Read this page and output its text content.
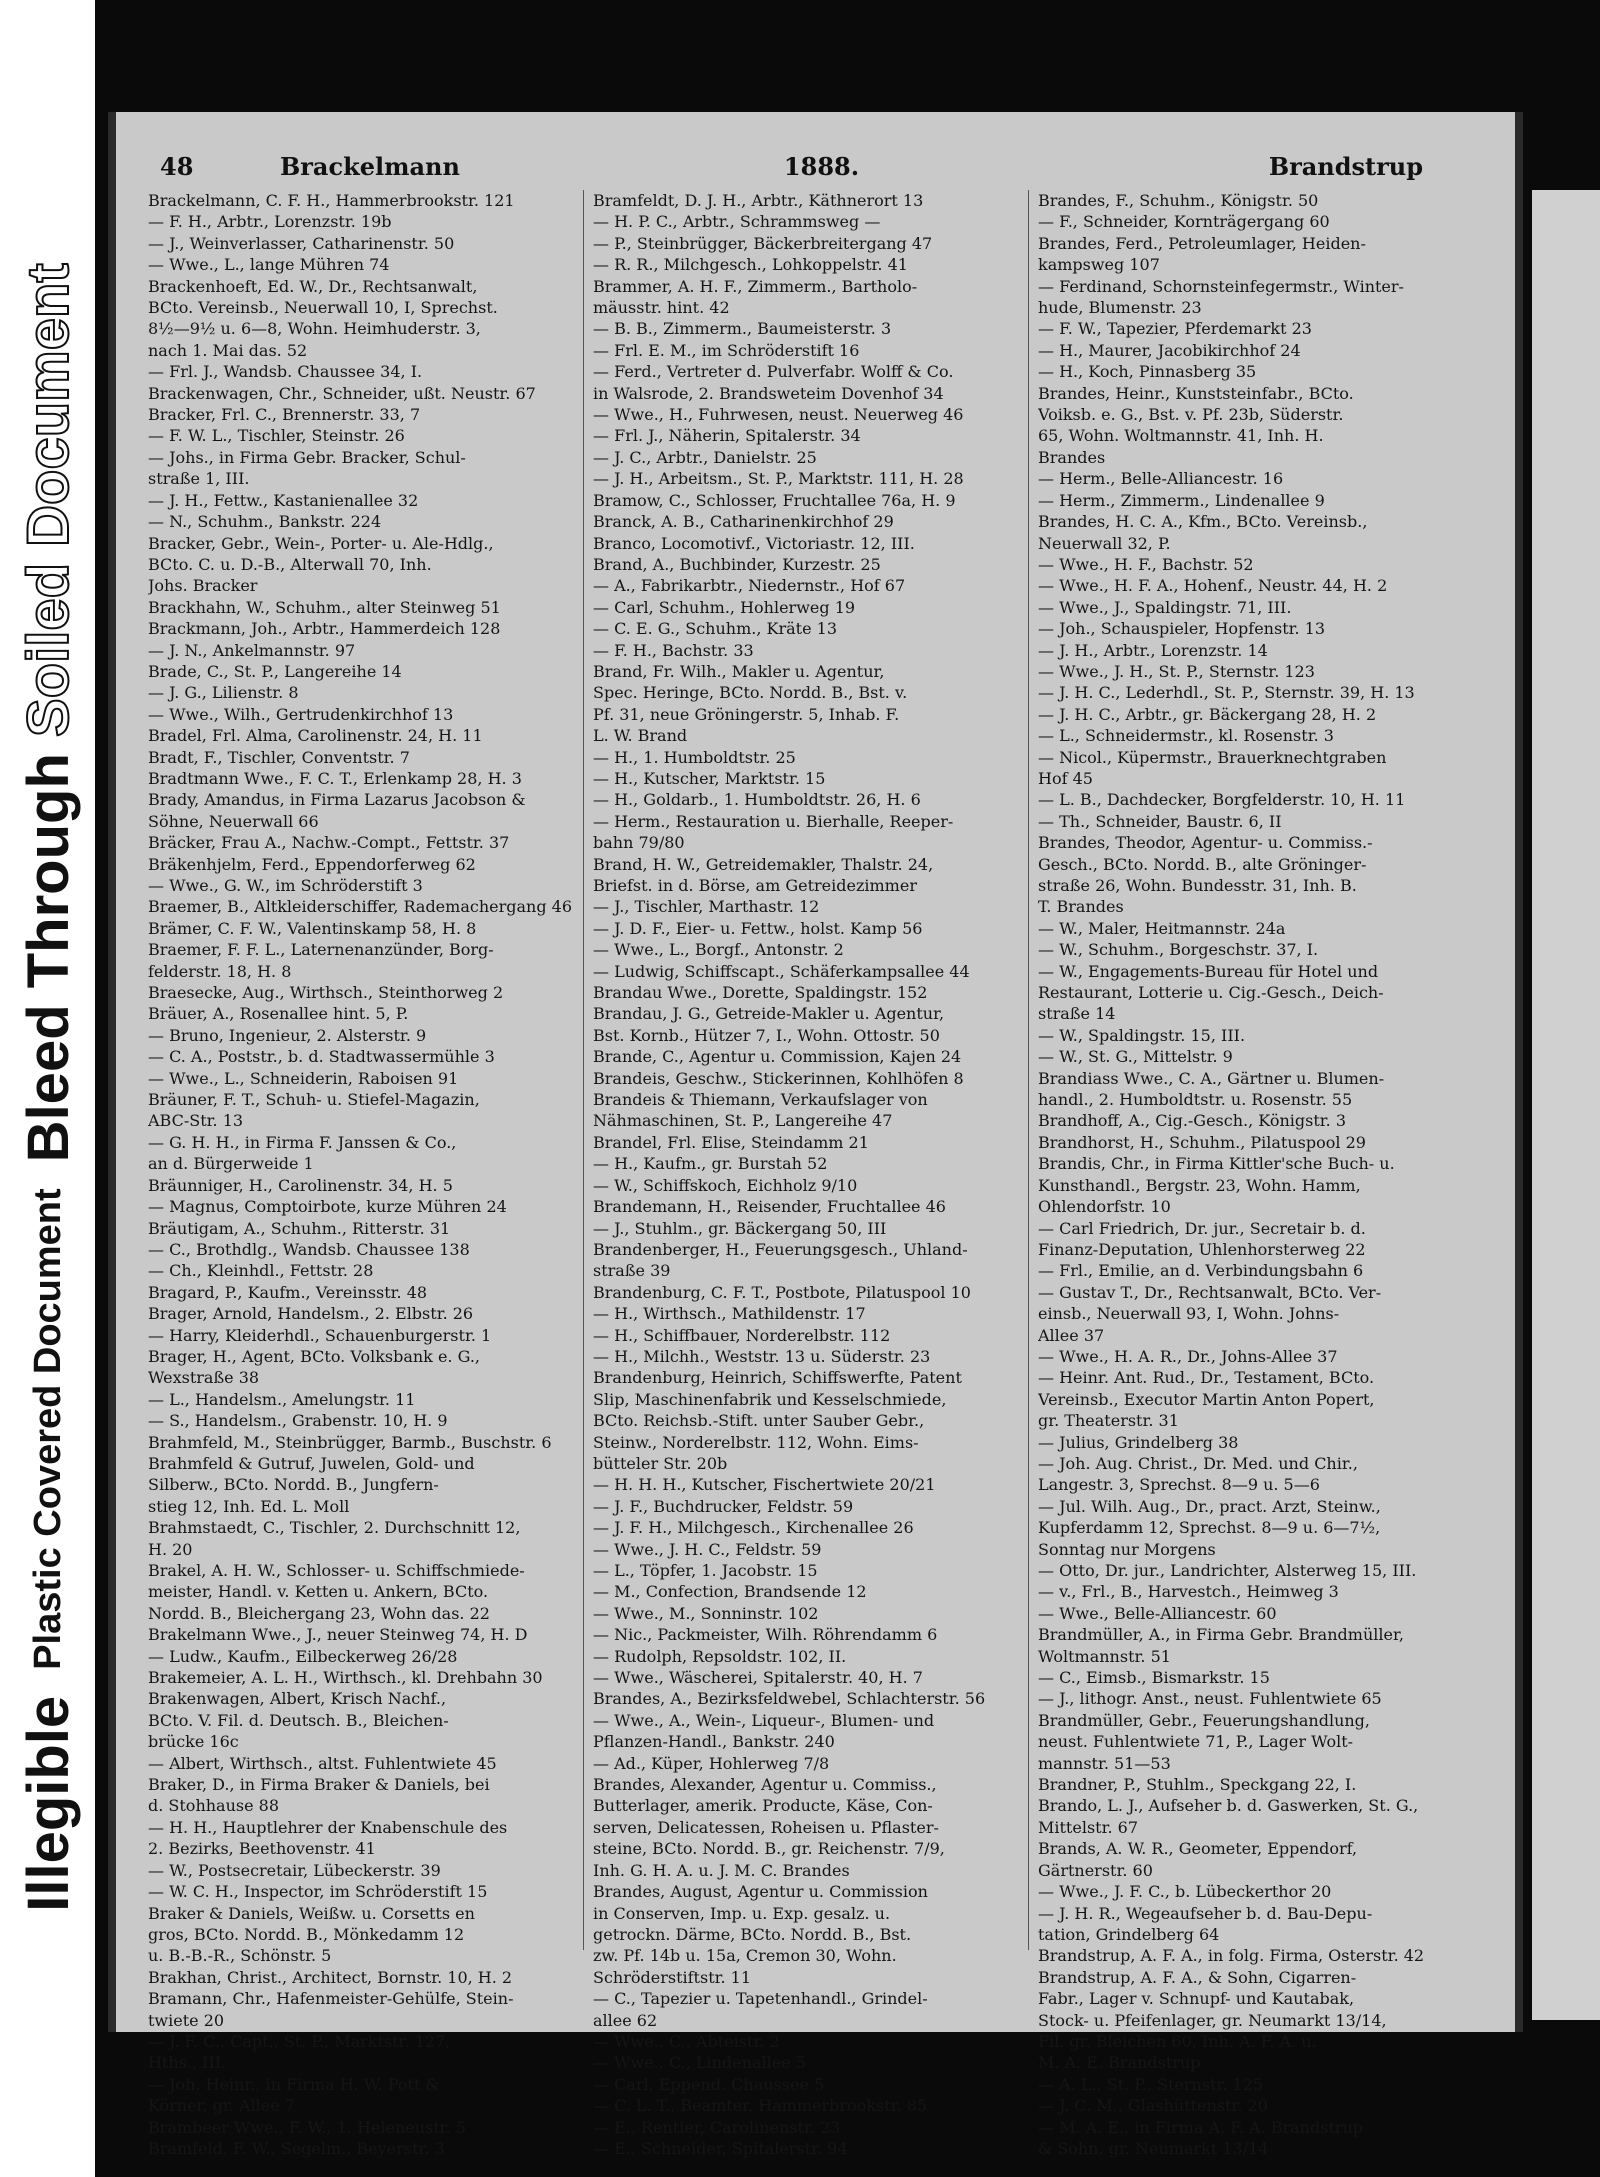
Illegible
Plastic Covered Document
Bleed Through Soiled Document
48	Brackelmann	1888.	Brandstrup
Brackelmann, C. F. H., Hammerbrookstr. 121
— F. H., Arbtr., Lorenzstr. 19b
— J., Weinverlasser, Catharinenstr. 50
— Wwe., L., lange Mühren 74
Brackenhoeft, Ed. W., Dr., Rechtsanwalt,
BCto. Vereinsb., Neuerwall 10, I, Sprechst.
8½—9½ u. 6—8, Wohn. Heimhuderstr. 3,
nach 1. Mai das. 52
— Frl. J., Wandsb. Chaussee 34, I.
Brackenwagen, Chr., Schneider, ußt. Neustr. 67
Bracker, Frl. C., Brennerstr. 33, 7
— F. W. L., Tischler, Steinstr. 26
— Johs., in Firma Gebr. Bracker, Schul-
straße 1, III.
— J. H., Fettw., Kastanienallee 32
— N., Schuhm., Bankstr. 224
Bracker, Gebr., Wein-, Porter- u. Ale-Hdlg.,
BCto. C. u. D.-B., Alterwall 70, Inh.
Johs. Bracker
Brackhahn, W., Schuhm., alter Steinweg 51
Brackmann, Joh., Arbtr., Hammerdeich 128
— J. N., Ankelmannstr. 97
Brade, C., St. P., Langereihe 14
— J. G., Lilienstr. 8
— Wwe., Wilh., Gertrudenkirchhof 13
Bradel, Frl. Alma, Carolinenstr. 24, H. 11
Bradt, F., Tischler, Conventstr. 7
Bradtmann Wwe., F. C. T., Erlenkamp 28, H. 3
Brady, Amandus, in Firma Lazarus Jacobson &
Söhne, Neuerwall 66
Bräcker, Frau A., Nachw.-Compt., Fettstr. 37
Bräkenhjelm, Ferd., Eppendorferweg 62
— Wwe., G. W., im Schröderstift 3
Braemer, B., Altkleiderschiffer, Rademachergang 46
Brämer, C. F. W., Valentinskamp 58, H. 8
Braemer, F. F. L., Laternenanzünder, Borg-
felderstr. 18, H. 8
Braesecke, Aug., Wirthsch., Steinthorweg 2
Bräuer, A., Rosenallee hint. 5, P.
— Bruno, Ingenieur, 2. Alsterstr. 9
— C. A., Poststr., b. d. Stadtwassermühle 3
— Wwe., L., Schneiderin, Raboisen 91
Bräuner, F. T., Schuh- u. Stiefel-Magazin,
ABC-Str. 13
— G. H. H., in Firma F. Janssen & Co.,
an d. Bürgerweide 1
Bräunniger, H., Carolinenstr. 34, H. 5
— Magnus, Comptoirbote, kurze Mühren 24
Bräutigam, A., Schuhm., Ritterstr. 31
— C., Brothdlg., Wandsb. Chaussee 138
— Ch., Kleinhdl., Fettstr. 28
Bragard, P., Kaufm., Vereinsstr. 48
Brager, Arnold, Handelsm., 2. Elbstr. 26
— Harry, Kleiderhdl., Schauenburgerstr. 1
Brager, H., Agent, BCto. Volksbank e. G.,
Wexstraße 38
— L., Handelsm., Amelungstr. 11
— S., Handelsm., Grabenstr. 10, H. 9
Brahmfeld, M., Steinbrügger, Barmb., Buschstr. 6
Brahmfeld & Gutruf, Juwelen, Gold- und
Silberw., BCto. Nordd. B., Jungfern-
stieg 12, Inh. Ed. L. Moll
Brahmstaedt, C., Tischler, 2. Durchschnitt 12,
H. 20
Brakel, A. H. W., Schlosser- u. Schiffschmiede-
meister, Handl. v. Ketten u. Ankern, BCto.
Nordd. B., Bleichergang 23, Wohn das. 22
Brakelmann Wwe., J., neuer Steinweg 74, H. D
— Ludw., Kaufm., Eilbeckerweg 26/28
Brakemeier, A. L. H., Wirthsch., kl. Drehbahn 30
Brakenwagen, Albert, Krisch Nachf.,
BCto. V. Fil. d. Deutsch. B., Bleichen-
brücke 16c
— Albert, Wirthsch., altst. Fuhlentwiete 45
Braker, D., in Firma Braker & Daniels, bei
d. Stohhause 88
— H. H., Hauptlehrer der Knabenschule des
2. Bezirks, Beethovenstr. 41
— W., Postsecretair, Lübeckerstr. 39
— W. C. H., Inspector, im Schröderstift 15
Braker & Daniels, Weißw. u. Corsetts en
gros, BCto. Nordd. B., Mönkedamm 12
u. B.-B.-R., Schönstr. 5
Brakhan, Christ., Architect, Bornstr. 10, H. 2
Bramann, Chr., Hafenmeister-Gehülfe, Stein-
twiete 20
— J. F. C., Capt., St. P., Marktstr. 127,
Hths., III.
— Joh. Heinr., in Firma H. W. Pott &
Körner, gr. Allee 7
Brambeer Wwe., F. W., 1. Heleneustr. 5
Bramfeld, F. W., Segelm., Beyerstr. 3
Bramfeldt, D. J. H., Arbtr., Käthnerort 13
— H. P. C., Arbtr., Schrammsweg —
— P., Steinbrügger, Bäckerbreitergang 47
— R. R., Milchgesch., Lohkoppelstr. 41
Brammer, A. H. F., Zimmerm., Bartholo-
mäusstr. hint. 42
— B. B., Zimmerm., Baumeisterstr. 3
— Frl. E. M., im Schröderstift 16
— Ferd., Vertreter d. Pulverfabr. Wolff & Co.
in Walsrode, 2. Brandsweteim Dovenhof 34
— Wwe., H., Fuhrwesen, neust. Neuerweg 46
— Frl. J., Näherin, Spitalerstr. 34
— J. C., Arbtr., Danielstr. 25
— J. H., Arbeitsm., St. P., Marktstr. 111, H. 28
Bramow, C., Schlosser, Fruchtallee 76a, H. 9
Branck, A. B., Catharinenkirchhof 29
Branco, Locomotivf., Victoriastr. 12, III.
Brand, A., Buchbinder, Kurzestr. 25
— A., Fabrikarbtr., Niedernstr., Hof 67
— Carl, Schuhm., Hohlerweg 19
— C. E. G., Schuhm., Kräte 13
— F. H., Bachstr. 33
Brand, Fr. Wilh., Makler u. Agentur,
Spec. Heringe, BCto. Nordd. B., Bst. v.
Pf. 31, neue Gröningerstr. 5, Inhab. F.
L. W. Brand
— H., 1. Humboldtstr. 25
— H., Kutscher, Marktstr. 15
— H., Goldarb., 1. Humboldtstr. 26, H. 6
— Herm., Restauration u. Bierhalle, Reeper-
bahn 79/80
Brand, H. W., Getreidemakler, Thalstr. 24,
Briefst. in d. Börse, am Getreidezimmer
— J., Tischler, Marthastr. 12
— J. D. F., Eier- u. Fettw., holst. Kamp 56
— Wwe., L., Borgf., Antonstr. 2
— Ludwig, Schiffscapt., Schäferkampsallee 44
Brandau Wwe., Dorette, Spaldingstr. 152
Brandau, J. G., Getreide-Makler u. Agentur,
Bst. Kornb., Hützer 7, I., Wohn. Ottostr. 50
Brande, C., Agentur u. Commission, Kajen 24
Brandeis, Geschw., Stickerinnen, Kohlhöfen 8
Brandeis & Thiemann, Verkaufslager von
Nähmaschinen, St. P., Langereihe 47
Brandel, Frl. Elise, Steindamm 21
— H., Kaufm., gr. Burstah 52
— W., Schiffskoch, Eichholz 9/10
Brandemann, H., Reisender, Fruchtallee 46
— J., Stuhlm., gr. Bäckergang 50, III
Brandenberger, H., Feuerungsgesch., Uhland-
straße 39
Brandenburg, C. F. T., Postbote, Pilatuspool 10
— H., Wirthsch., Mathildenstr. 17
— H., Schiffbauer, Norderelbstr. 112
— H., Milchh., Weststr. 13 u. Süderstr. 23
Brandenburg, Heinrich, Schiffswerfte, Patent
Slip, Maschinenfabrik und Kesselschmiede,
BCto. Reichsb.-Stift. unter Sauber Gebr.,
Steinw., Norderelbstr. 112, Wohn. Eims-
bütteler Str. 20b
— H. H. H., Kutscher, Fischertwiete 20/21
— J. F., Buchdrucker, Feldstr. 59
— J. F. H., Milchgesch., Kirchenallee 26
— Wwe., J. H. C., Feldstr. 59
— L., Töpfer, 1. Jacobstr. 15
— M., Confection, Brandsende 12
— Wwe., M., Sonninstr. 102
— Nic., Packmeister, Wilh. Röhrendamm 6
— Rudolph, Repsoldstr. 102, II.
— Wwe., Wäscherei, Spitalerstr. 40, H. 7
Brandes, A., Bezirksfeldwebel, Schlachterstr. 56
— Wwe., A., Wein-, Liqueur-, Blumen- und
Pflanzen-Handl., Bankstr. 240
— Ad., Küper, Hohlerweg 7/8
Brandes, Alexander, Agentur u. Commiss.,
Butterlager, amerik. Producte, Käse, Con-
serven, Delicatessen, Roheisen u. Pflaster-
steine, BCto. Nordd. B., gr. Reichenstr. 7/9,
Inh. G. H. A. u. J. M. C. Brandes
Brandes, August, Agentur u. Commission
in Conserven, Imp. u. Exp. gesalz. u.
getrockn. Därme, BCto. Nordd. B., Bst.
zw. Pf. 14b u. 15a, Cremon 30, Wohn.
Schröderstiftstr. 11
— C., Tapezier u. Tapetenhandl., Grindel-
allee 62
— Wwe., C., Abteistr. 2
— Wwe., C., Lindenallee 5
— Carl, Eppend. Chaussee 5
— C. L. T., Beamter, Hammerbrookstr. 85
— E., Rentier, Carolinenstr. 23
— E., Schneider, Spitalerstr. 94
Brandes, F., Schuhm., Königstr. 50
— F., Schneider, Kornträgergang 60
Brandes, Ferd., Petroleumlager, Heiden-
kampsweg 107
— Ferdinand, Schornsteinfegermstr., Winter-
hude, Blumenstr. 23
— F. W., Tapezier, Pferdemarkt 23
— H., Maurer, Jacobikirchhof 24
— H., Koch, Pinnasberg 35
Brandes, Heinr., Kunststeinfabr., BCto.
Voiksb. e. G., Bst. v. Pf. 23b, Süderstr.
65, Wohn. Woltmannstr. 41, Inh. H.
Brandes
— Herm., Belle-Alliancestr. 16
— Herm., Zimmerm., Lindenallee 9
Brandes, H. C. A., Kfm., BCto. Vereinsb.,
Neuerwall 32, P.
— Wwe., H. F., Bachstr. 52
— Wwe., H. F. A., Hohenf., Neustr. 44, H. 2
— Wwe., J., Spaldingstr. 71, III.
— Joh., Schauspieler, Hopfenstr. 13
— J. H., Arbtr., Lorenzstr. 14
— Wwe., J. H., St. P., Sternstr. 123
— J. H. C., Lederhdl., St. P., Sternstr. 39, H. 13
— J. H. C., Arbtr., gr. Bäckergang 28, H. 2
— L., Schneidermstr., kl. Rosenstr. 3
— Nicol., Küpermstr., Brauerknechtgraben
Hof 45
— L. B., Dachdecker, Borgfelderstr. 10, H. 11
— Th., Schneider, Baustr. 6, II
Brandes, Theodor, Agentur- u. Commiss.-
Gesch., BCto. Nordd. B., alte Gröninger-
straße 26, Wohn. Bundesstr. 31, Inh. B.
T. Brandes
— W., Maler, Heitmannstr. 24a
— W., Schuhm., Borgeschstr. 37, I.
— W., Engagements-Bureau für Hotel und
Restaurant, Lotterie u. Cig.-Gesch., Deich-
straße 14
— W., Spaldingstr. 15, III.
— W., St. G., Mittelstr. 9
Brandiass Wwe., C. A., Gärtner u. Blumen-
handl., 2. Humboldtstr. u. Rosenstr. 55
Brandhoff, A., Cig.-Gesch., Königstr. 3
Brandhorst, H., Schuhm., Pilatuspool 29
Brandis, Chr., in Firma Kittler'sche Buch- u.
Kunsthandl., Bergstr. 23, Wohn. Hamm,
Ohlendorfstr. 10
— Carl Friedrich, Dr. jur., Secretair b. d.
Finanz-Deputation, Uhlenhorsterweg 22
— Frl., Emilie, an d. Verbindungsbahn 6
— Gustav T., Dr., Rechtsanwalt, BCto. Ver-
einsb., Neuerwall 93, I, Wohn. Johns-
Allee 37
— Wwe., H. A. R., Dr., Johns-Allee 37
— Heinr. Ant. Rud., Dr., Testament, BCto.
Vereinsb., Executor Martin Anton Popert,
gr. Theaterstr. 31
— Julius, Grindelberg 38
— Joh. Aug. Christ., Dr. Med. und Chir.,
Langestr. 3, Sprechst. 8—9 u. 5—6
— Jul. Wilh. Aug., Dr., pract. Arzt, Steinw.,
Kupferdamm 12, Sprechst. 8—9 u. 6—7½,
Sonntag nur Morgens
— Otto, Dr. jur., Landrichter, Alsterweg 15, III.
— v., Frl., B., Harvestch., Heimweg 3
— Wwe., Belle-Alliancestr. 60
Brandmüller, A., in Firma Gebr. Brandmüller,
Woltmannstr. 51
— C., Eimsb., Bismarkstr. 15
— J., lithogr. Anst., neust. Fuhlentwiete 65
Brandmüller, Gebr., Feuerungshandlung,
neust. Fuhlentwiete 71, P., Lager Wolt-
mannstr. 51—53
Brandner, P., Stuhlm., Speckgang 22, I.
Brando, L. J., Aufseher b. d. Gaswerken, St. G.,
Mittelstr. 67
Brands, A. W. R., Geometer, Eppendorf,
Gärtnerstr. 60
— Wwe., J. F. C., b. Lübeckerthor 20
— J. H. R., Wegeaufseher b. d. Bau-Depu-
tation, Grindelberg 64
Brandstrup, A. F. A., in folg. Firma, Osterstr. 42
Brandstrup, A. F. A., & Sohn, Cigarren-
Fabr., Lager v. Schnupf- und Kautabak,
Stock- u. Pfeifenlager, gr. Neumarkt 13/14,
Fil. gr. Bleichen 60, Inh. A. F. A. u.
M. A. E. Brandstrup
— A. L., St. P., Sternstr. 125
— J. C. M., Glashüttenstr. 20
— M. A. E., in Firma A. F. A. Brandstrup
& Sohn, gr. Neumarkt 13/14
